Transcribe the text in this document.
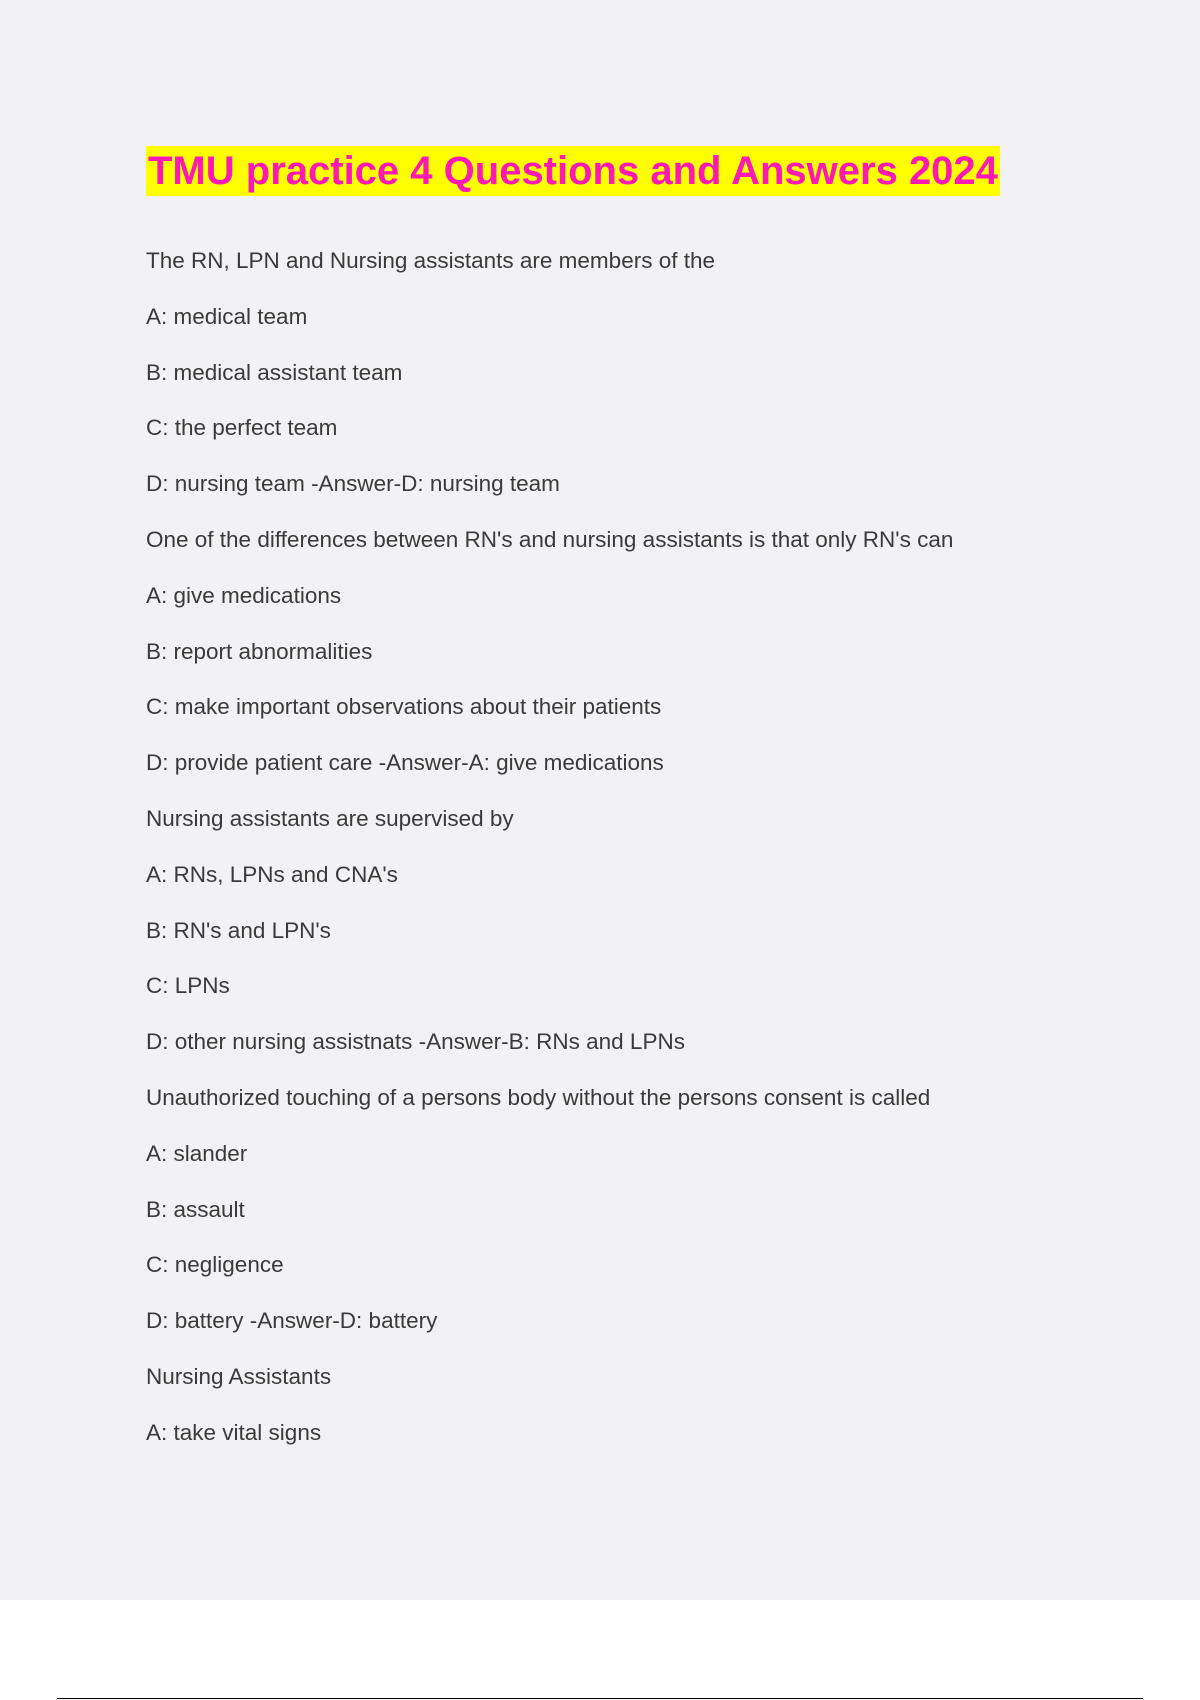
TMU practice 4 Questions and Answers 2024
The RN, LPN and Nursing assistants are members of the
A: medical team
B: medical assistant team
C: the perfect team
D: nursing team -Answer-D: nursing team
One of the differences between RN's and nursing assistants is that only RN's can
A: give medications
B: report abnormalities
C: make important observations about their patients
D: provide patient care -Answer-A: give medications
Nursing assistants are supervised by
A: RNs, LPNs and CNA's
B: RN's and LPN's
C: LPNs
D: other nursing assistnats -Answer-B: RNs and LPNs
Unauthorized touching of a persons body without the persons consent is called
A: slander
B: assault
C: negligence
D: battery -Answer-D: battery
Nursing Assistants
A: take vital signs
